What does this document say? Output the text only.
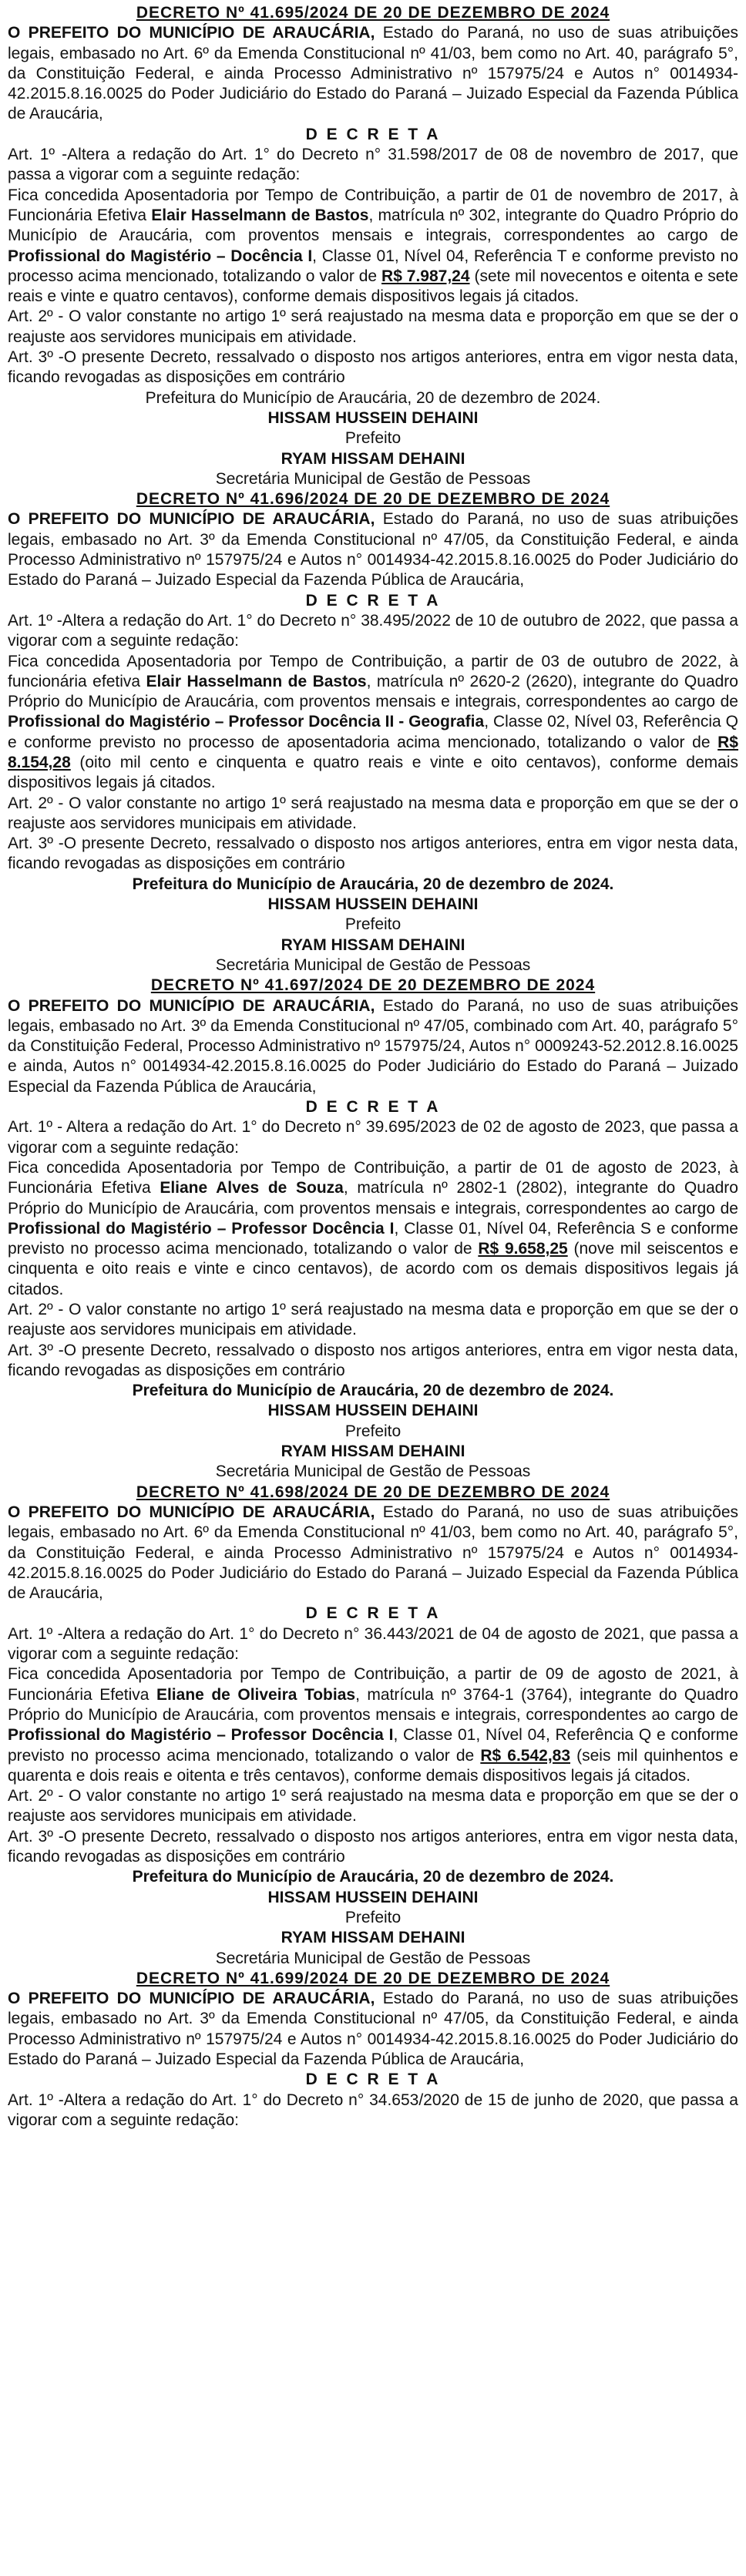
DECRETO Nº 41.695/2024 DE 20 DE DEZEMBRO DE 2024

O PREFEITO DO MUNICÍPIO DE ARAUCÁRIA, Estado do Paraná, no uso de suas atribuições legais, embasado no Art. 6º da Emenda Constitucional nº 41/03, bem como no Art. 40, parágrafo 5°, da Constituição Federal, e ainda Processo Administrativo nº 157975/24 e Autos n° 0014934-42.2015.8.16.0025 do Poder Judiciário do Estado do Paraná – Juizado Especial da Fazenda Pública de Araucária,

D E C R E T A

Art. 1º -Altera a redação do Art. 1° do Decreto n° 31.598/2017 de 08 de novembro de 2017, que passa a vigorar com a seguinte redação:

Fica concedida Aposentadoria por Tempo de Contribuição, a partir de 01 de novembro de 2017, à Funcionária Efetiva Elair Hasselmann de Bastos, matrícula nº 302, integrante do Quadro Próprio do Município de Araucária, com proventos mensais e integrais, correspondentes ao cargo de Profissional do Magistério – Docência I, Classe 01, Nível 04, Referência T e conforme previsto no processo acima mencionado, totalizando o valor de R$ 7.987,24 (sete mil novecentos e oitenta e sete reais e vinte e quatro centavos), conforme demais dispositivos legais já citados.

Art. 2º - O valor constante no artigo 1º será reajustado na mesma data e proporção em que se der o reajuste aos servidores municipais em atividade.

Art. 3º -O presente Decreto, ressalvado o disposto nos artigos anteriores, entra em vigor nesta data, ficando revogadas as disposições em contrário

Prefeitura do Município de Araucária, 20 de dezembro de 2024.

HISSAM HUSSEIN DEHAINI

Prefeito

RYAM HISSAM DEHAINI

Secretária Municipal de Gestão de Pessoas

DECRETO Nº 41.696/2024 DE 20 DE DEZEMBRO DE 2024

O PREFEITO DO MUNICÍPIO DE ARAUCÁRIA, Estado do Paraná, no uso de suas atribuições legais, embasado no Art. 3º da Emenda Constitucional nº 47/05, da Constituição Federal, e ainda Processo Administrativo nº 157975/24 e Autos n° 0014934-42.2015.8.16.0025 do Poder Judiciário do Estado do Paraná – Juizado Especial da Fazenda Pública de Araucária,

D E C R E T A

Art. 1º -Altera a redação do Art. 1° do Decreto n° 38.495/2022 de 10 de outubro de 2022, que passa a vigorar com a seguinte redação:

Fica concedida Aposentadoria por Tempo de Contribuição, a partir de 03 de outubro de 2022, à funcionária efetiva Elair Hasselmann de Bastos, matrícula nº 2620-2 (2620), integrante do Quadro Próprio do Município de Araucária, com proventos mensais e integrais, correspondentes ao cargo de Profissional do Magistério – Professor Docência II - Geografia, Classe 02, Nível 03, Referência Q e conforme previsto no processo de aposentadoria acima mencionado, totalizando o valor de R$ 8.154,28 (oito mil cento e cinquenta e quatro reais e vinte e oito centavos), conforme demais dispositivos legais já citados.

Art. 2º - O valor constante no artigo 1º será reajustado na mesma data e proporção em que se der o reajuste aos servidores municipais em atividade.

Art. 3º -O presente Decreto, ressalvado o disposto nos artigos anteriores, entra em vigor nesta data, ficando revogadas as disposições em contrário

Prefeitura do Município de Araucária, 20 de dezembro de 2024.

HISSAM HUSSEIN DEHAINI

Prefeito

RYAM HISSAM DEHAINI

Secretária Municipal de Gestão de Pessoas

DECRETO Nº 41.697/2024 DE 20 DEZEMBRO DE 2024

O PREFEITO DO MUNICÍPIO DE ARAUCÁRIA, Estado do Paraná, no uso de suas atribuições legais, embasado no Art. 3º da Emenda Constitucional nº 47/05, combinado com Art. 40, parágrafo 5° da Constituição Federal, Processo Administrativo nº 157975/24, Autos n° 0009243-52.2012.8.16.0025 e ainda, Autos n° 0014934-42.2015.8.16.0025 do Poder Judiciário do Estado do Paraná – Juizado Especial da Fazenda Pública de Araucária,

D E C R E T A

Art. 1º - Altera a redação do Art. 1° do Decreto n° 39.695/2023 de 02 de agosto de 2023, que passa a vigorar com a seguinte redação:

Fica concedida Aposentadoria por Tempo de Contribuição, a partir de 01 de agosto de 2023, à Funcionária Efetiva Eliane Alves de Souza, matrícula nº 2802-1 (2802), integrante do Quadro Próprio do Município de Araucária, com proventos mensais e integrais, correspondentes ao cargo de Profissional do Magistério – Professor Docência I, Classe 01, Nível 04, Referência S e conforme previsto no processo acima mencionado, totalizando o valor de R$ 9.658,25 (nove mil seiscentos e cinquenta e oito reais e vinte e cinco centavos), de acordo com os demais dispositivos legais já citados.

Art. 2º - O valor constante no artigo 1º será reajustado na mesma data e proporção em que se der o reajuste aos servidores municipais em atividade.

Art. 3º -O presente Decreto, ressalvado o disposto nos artigos anteriores, entra em vigor nesta data, ficando revogadas as disposições em contrário

Prefeitura do Município de Araucária, 20 de dezembro de 2024.

HISSAM HUSSEIN DEHAINI

Prefeito

RYAM HISSAM DEHAINI

Secretária Municipal de Gestão de Pessoas

DECRETO Nº 41.698/2024 DE 20 DE DEZEMBRO DE 2024

O PREFEITO DO MUNICÍPIO DE ARAUCÁRIA, Estado do Paraná, no uso de suas atribuições legais, embasado no Art. 6º da Emenda Constitucional nº 41/03, bem como no Art. 40, parágrafo 5°, da Constituição Federal, e ainda Processo Administrativo nº 157975/24 e Autos n° 0014934-42.2015.8.16.0025 do Poder Judiciário do Estado do Paraná – Juizado Especial da Fazenda Pública de Araucária,

D E C R E T A

Art. 1º -Altera a redação do Art. 1° do Decreto n° 36.443/2021 de 04 de agosto de 2021, que passa a vigorar com a seguinte redação:

Fica concedida Aposentadoria por Tempo de Contribuição, a partir de 09 de agosto de 2021, à Funcionária Efetiva Eliane de Oliveira Tobias, matrícula nº 3764-1 (3764), integrante do Quadro Próprio do Município de Araucária, com proventos mensais e integrais, correspondentes ao cargo de Profissional do Magistério – Professor Docência I, Classe 01, Nível 04, Referência Q e conforme previsto no processo acima mencionado, totalizando o valor de R$ 6.542,83 (seis mil quinhentos e quarenta e dois reais e oitenta e três centavos), conforme demais dispositivos legais já citados.

Art. 2º - O valor constante no artigo 1º será reajustado na mesma data e proporção em que se der o reajuste aos servidores municipais em atividade.

Art. 3º -O presente Decreto, ressalvado o disposto nos artigos anteriores, entra em vigor nesta data, ficando revogadas as disposições em contrário

Prefeitura do Município de Araucária, 20 de dezembro de 2024.

HISSAM HUSSEIN DEHAINI

Prefeito

RYAM HISSAM DEHAINI

Secretária Municipal de Gestão de Pessoas

DECRETO Nº 41.699/2024 DE 20 DE DEZEMBRO DE 2024

O PREFEITO DO MUNICÍPIO DE ARAUCÁRIA, Estado do Paraná, no uso de suas atribuições legais, embasado no Art. 3º da Emenda Constitucional nº 47/05, da Constituição Federal, e ainda Processo Administrativo nº 157975/24 e Autos n° 0014934-42.2015.8.16.0025 do Poder Judiciário do Estado do Paraná – Juizado Especial da Fazenda Pública de Araucária,

D E C R E T A

Art. 1º -Altera a redação do Art. 1° do Decreto n° 34.653/2020 de 15 de junho de 2020, que passa a vigorar com a seguinte redação:
